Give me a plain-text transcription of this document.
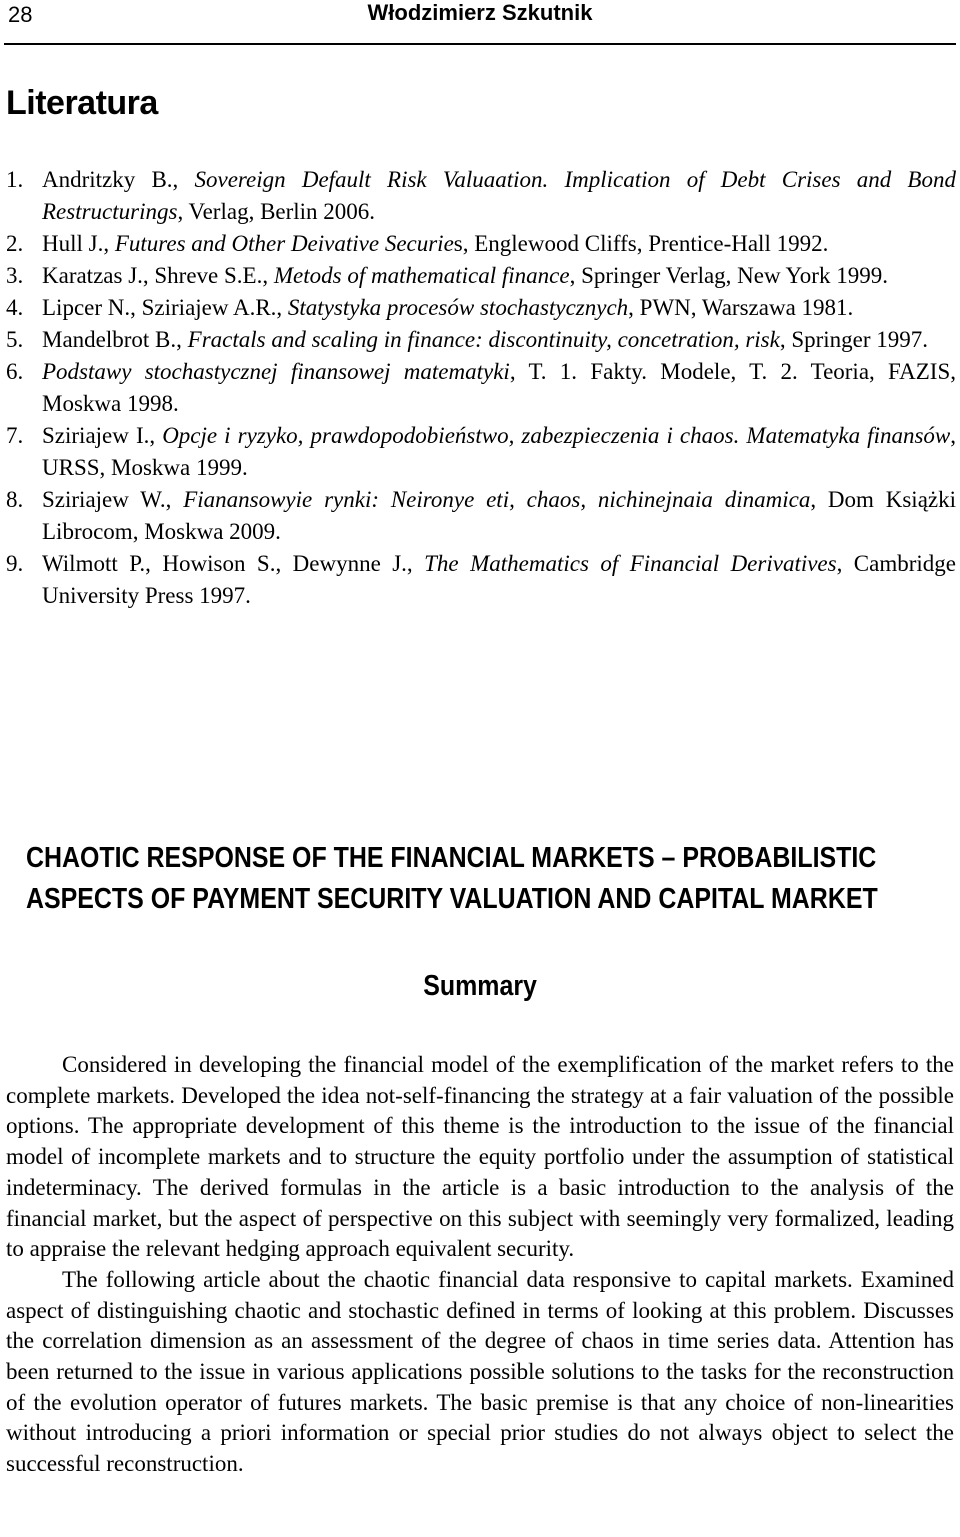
28	Włodzimierz Szkutnik
Literatura
1. Andritzky B., Sovereign Default Risk Valuaation. Implication of Debt Crises and Bond Restructurings, Verlag, Berlin 2006.
2. Hull J., Futures and Other Deivative Securies, Englewood Cliffs, Prentice-Hall 1992.
3. Karatzas J., Shreve S.E., Metods of mathematical finance, Springer Verlag, New York 1999.
4. Lipcer N., Sziriajew A.R., Statystyka procesów stochastycznych, PWN, Warszawa 1981.
5. Mandelbrot B., Fractals and scaling in finance: discontinuity, concetration, risk, Springer 1997.
6. Podstawy stochastycznej finansowej matematyki, T. 1. Fakty. Modele, T. 2. Teoria, FAZIS, Moskwa 1998.
7. Sziriajew I., Opcje i ryzyko, prawdopodobieństwo, zabezpieczenia i chaos. Matematyka finansów, URSS, Moskwa 1999.
8. Sziriajew W., Fianansowyie rynki: Neironye eti, chaos, nichinejnaia dinamica, Dom Książki Librocom, Moskwa 2009.
9. Wilmott P., Howison S., Dewynne J., The Mathematics of Financial Derivatives, Cambridge University Press 1997.
CHAOTIC RESPONSE OF THE FINANCIAL MARKETS – PROBABILISTIC
ASPECTS OF PAYMENT SECURITY VALUATION AND CAPITAL MARKET
Summary

Considered in developing the financial model of the exemplification of the market refers to the complete markets. Developed the idea not-self-financing the strategy at a fair valuation of the possible options. The appropriate development of this theme is the introduction to the issue of the financial model of incomplete markets and to structure the equity portfolio under the assumption of statistical indeterminacy. The derived formulas in the article is a basic introduction to the analysis of the financial market, but the aspect of perspective on this subject with seemingly very formalized, leading to appraise the relevant hedging approach equivalent security.

The following article about the chaotic financial data responsive to capital markets. Examined aspect of distinguishing chaotic and stochastic defined in terms of looking at this problem. Discusses the correlation dimension as an assessment of the degree of chaos in time series data. Attention has been returned to the issue in various applications possible solutions to the tasks for the reconstruction of the evolution operator of futures markets. The basic premise is that any choice of non-linearities without introducing a priori information or special prior studies do not always object to select the successful reconstruction.
